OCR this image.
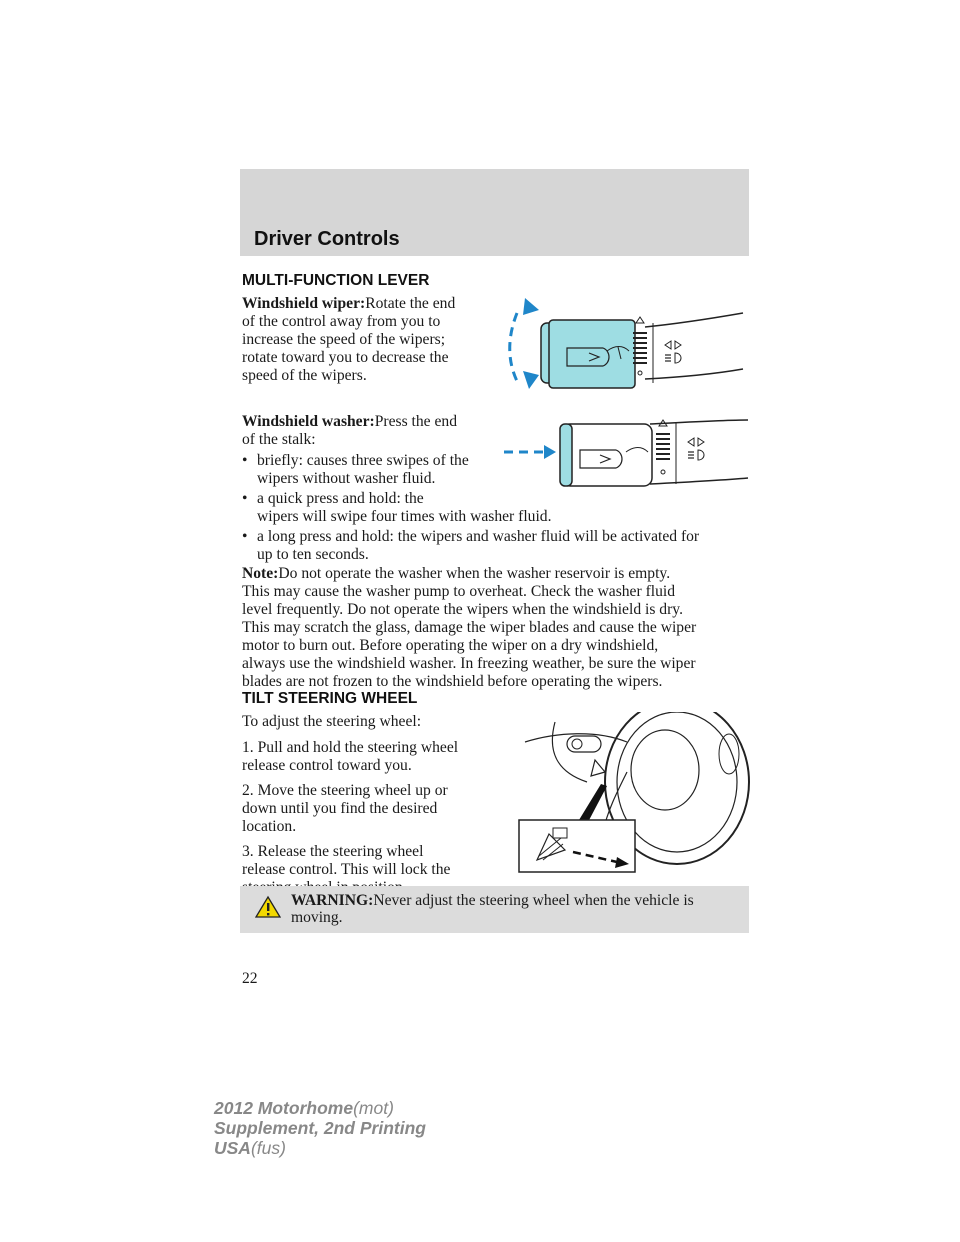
Driver Controls
MULTI-FUNCTION LEVER
Windshield wiper:Rotate the end
of the control away from you to
increase the speed of the wipers;
rotate toward you to decrease the
speed of the wipers.
Windshield washer:Press the end
of the stalk:
• briefly: causes three swipes of the
wipers without washer fluid.
• a quick press and hold: the
wipers will swipe four times with washer fluid.
• a long press and hold: the wipers and washer fluid will be activated for
up to ten seconds.
Note:Do not operate the washer when the washer reservoir is empty.
This may cause the washer pump to overheat. Check the washer fluid
level frequently. Do not operate the wipers when the windshield is dry.
This may scratch the glass, damage the wiper blades and cause the wiper
motor to burn out. Before operating the wiper on a dry windshield,
always use the windshield washer. In freezing weather, be sure the wiper
blades are not frozen to the windshield before operating the wipers.
TILT STEERING WHEEL
To adjust the steering wheel:
1. Pull and hold the steering wheel
release control toward you.
2. Move the steering wheel up or
down until you find the desired
location.
3. Release the steering wheel
release control. This will lock the
WARNING:Never adjust the steering wheel when the vehicle is
moving.
22
2012 Motorhome(mot)
Supplement, 2nd Printing
USA(fus)
